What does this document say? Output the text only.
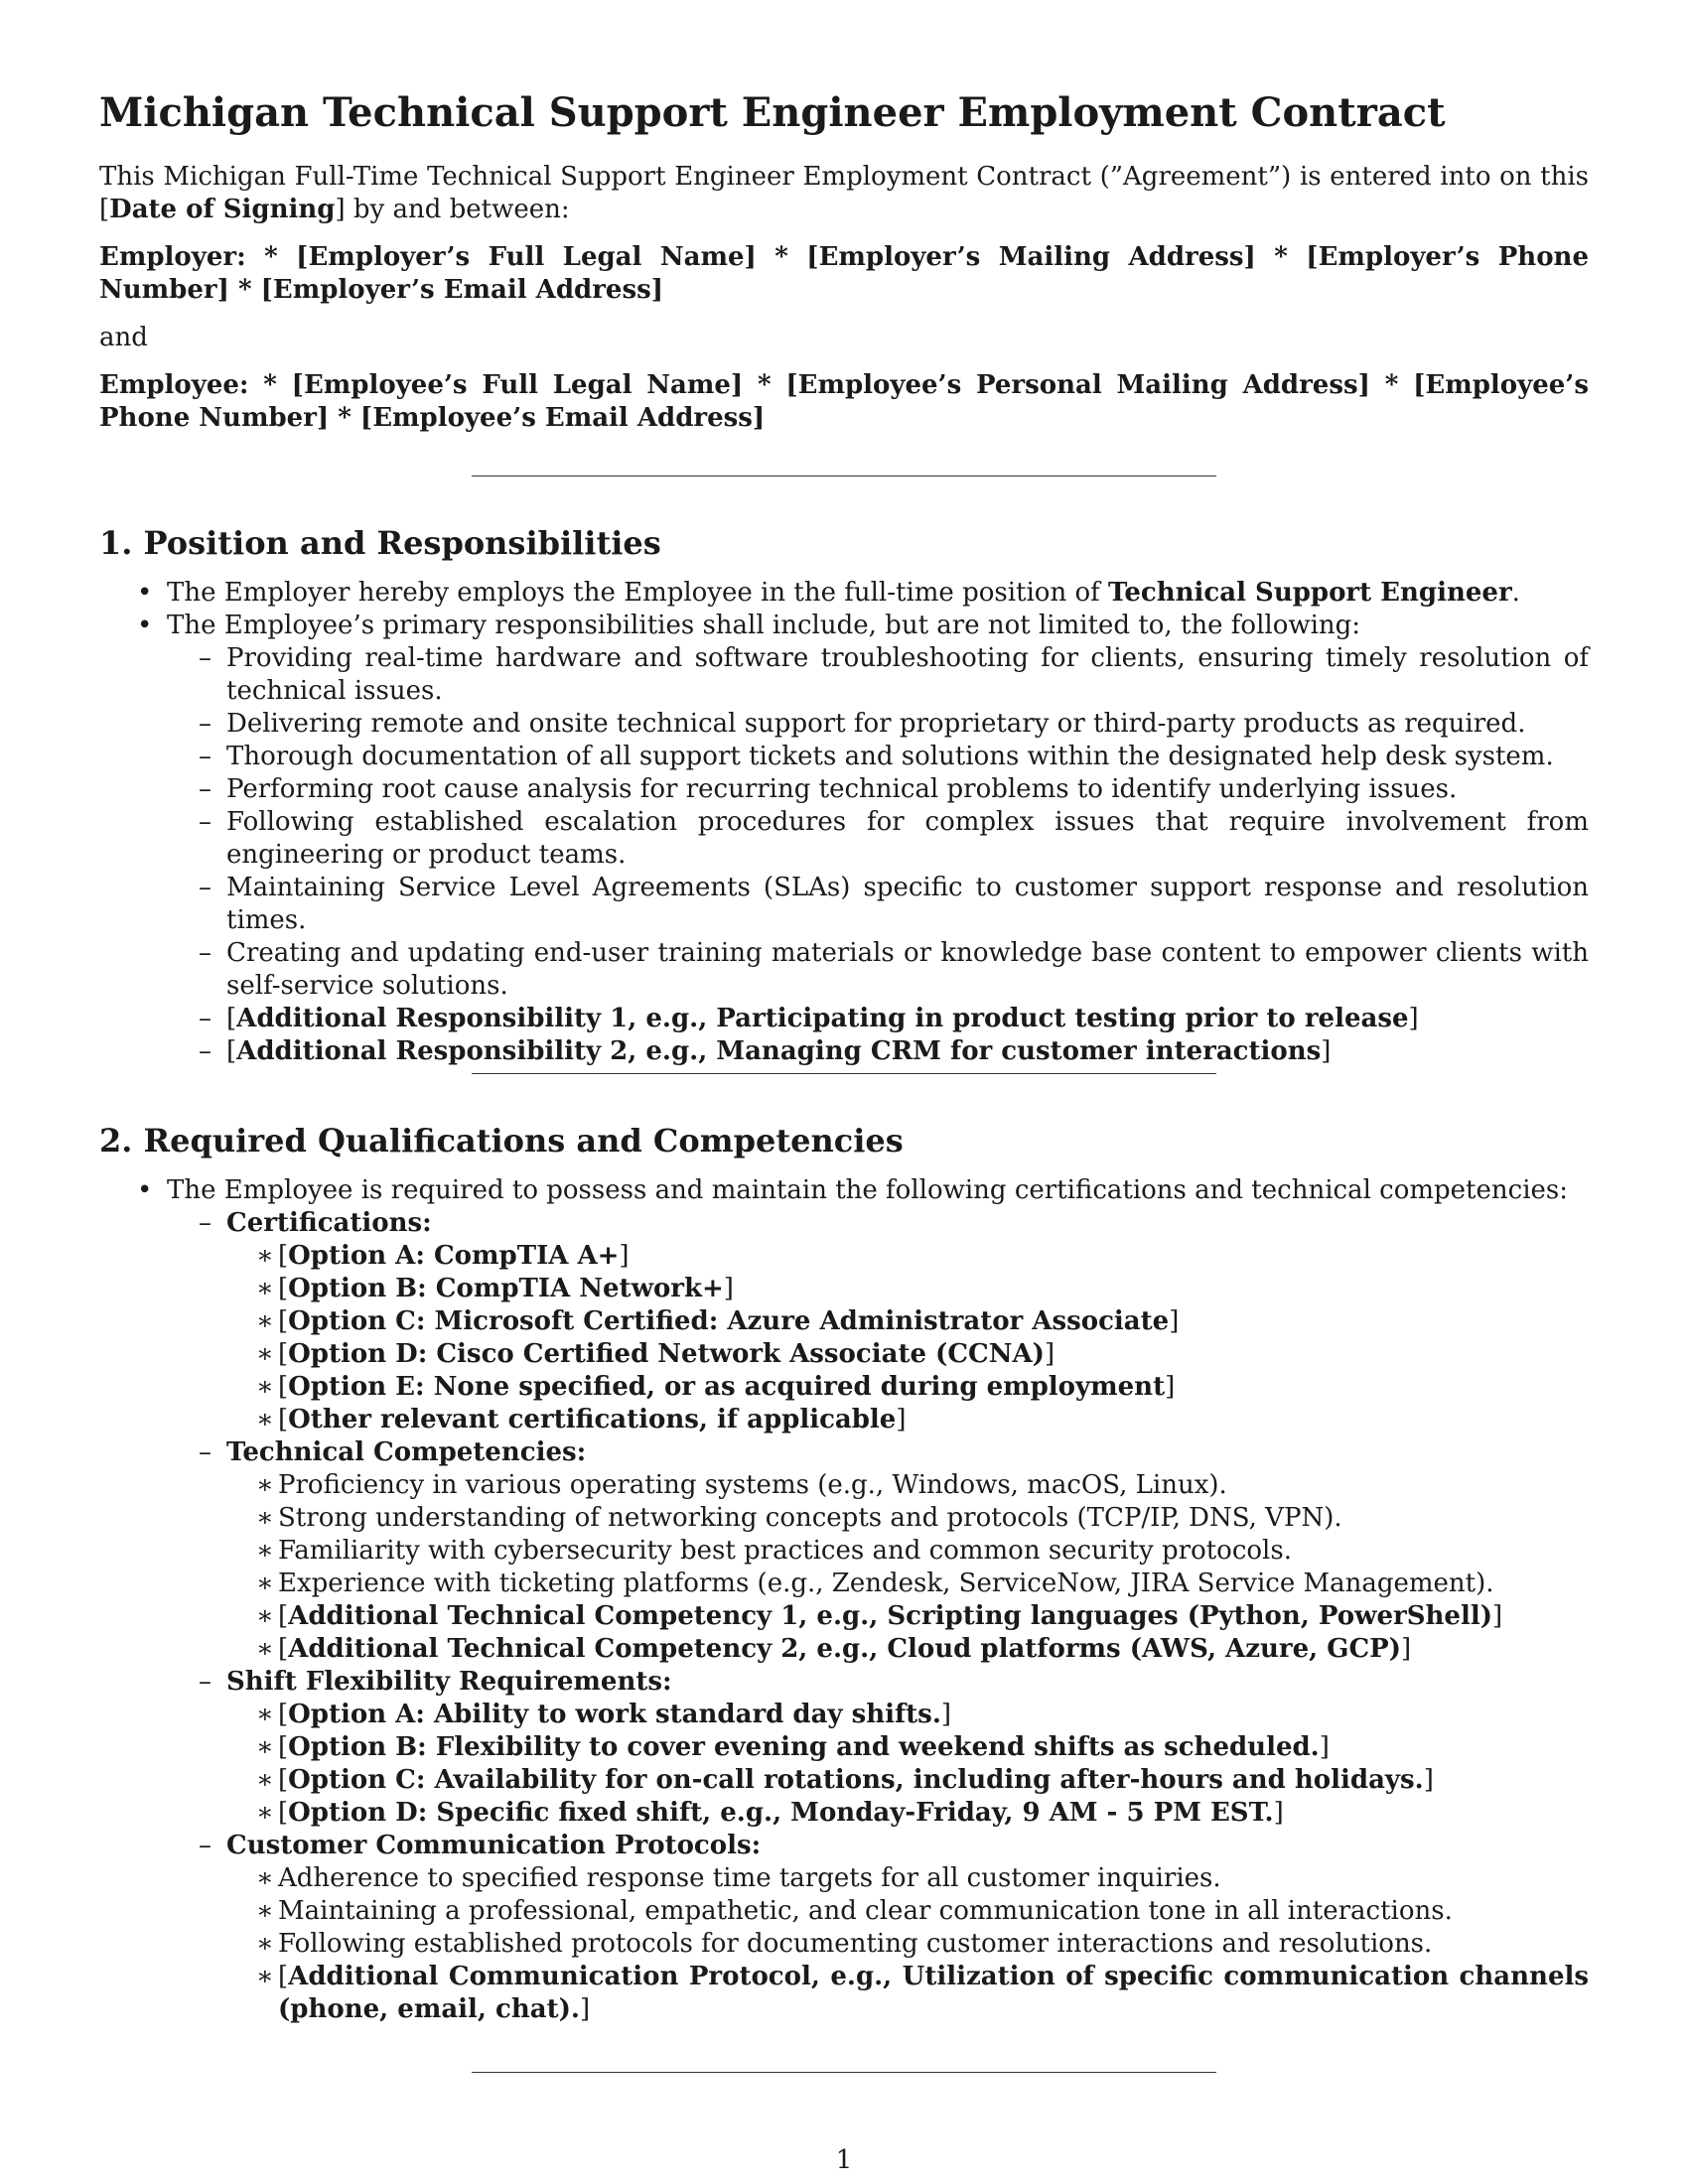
Michigan Technical Support Engineer Employment Contract

This Michigan Full-Time Technical Support Engineer Employment Contract (”Agreement”) is entered into on this [Date of Signing] by and between:

Employer: * [Employer’s Full Legal Name] * [Employer’s Mailing Address] * [Employer’s Phone Number] * [Employer’s Email Address]

and

Employee: * [Employee’s Full Legal Name] * [Employee’s Personal Mailing Address] * [Employee’s Phone Number] * [Employee’s Email Address]

1. Position and Responsibilities
• The Employer hereby employs the Employee in the full-time position of Technical Support Engineer.
• The Employee’s primary responsibilities shall include, but are not limited to, the following:
– Providing real-time hardware and software troubleshooting for clients, ensuring timely resolution of technical issues.
– Delivering remote and onsite technical support for proprietary or third-party products as required.
– Thorough documentation of all support tickets and solutions within the designated help desk system.
– Performing root cause analysis for recurring technical problems to identify underlying issues.
– Following established escalation procedures for complex issues that require involvement from engineering or product teams.
– Maintaining Service Level Agreements (SLAs) specific to customer support response and resolution times.
– Creating and updating end-user training materials or knowledge base content to empower clients with self-service solutions.
– [Additional Responsibility 1, e.g., Participating in product testing prior to release]
– [Additional Responsibility 2, e.g., Managing CRM for customer interactions]
2. Required Qualifications and Competencies
• The Employee is required to possess and maintain the following certifications and technical competencies:
– Certifications:
∗ [Option A: CompTIA A+]
∗ [Option B: CompTIA Network+]
∗ [Option C: Microsoft Certified: Azure Administrator Associate]
∗ [Option D: Cisco Certified Network Associate (CCNA)]
∗ [Option E: None specified, or as acquired during employment]
∗ [Other relevant certifications, if applicable]
– Technical Competencies:
∗ Proficiency in various operating systems (e.g., Windows, macOS, Linux).
∗ Strong understanding of networking concepts and protocols (TCP/IP, DNS, VPN).
∗ Familiarity with cybersecurity best practices and common security protocols.
∗ Experience with ticketing platforms (e.g., Zendesk, ServiceNow, JIRA Service Management).
∗ [Additional Technical Competency 1, e.g., Scripting languages (Python, PowerShell)]
∗ [Additional Technical Competency 2, e.g., Cloud platforms (AWS, Azure, GCP)]
– Shift Flexibility Requirements:
∗ [Option A: Ability to work standard day shifts.]
∗ [Option B: Flexibility to cover evening and weekend shifts as scheduled.]
∗ [Option C: Availability for on-call rotations, including after-hours and holidays.]
∗ [Option D: Specific fixed shift, e.g., Monday-Friday, 9 AM - 5 PM EST.]
– Customer Communication Protocols:
∗ Adherence to specified response time targets for all customer inquiries.
∗ Maintaining a professional, empathetic, and clear communication tone in all interactions.
∗ Following established protocols for documenting customer interactions and resolutions.
∗ [Additional Communication Protocol, e.g., Utilization of specific communication channels (phone, email, chat).]
1
